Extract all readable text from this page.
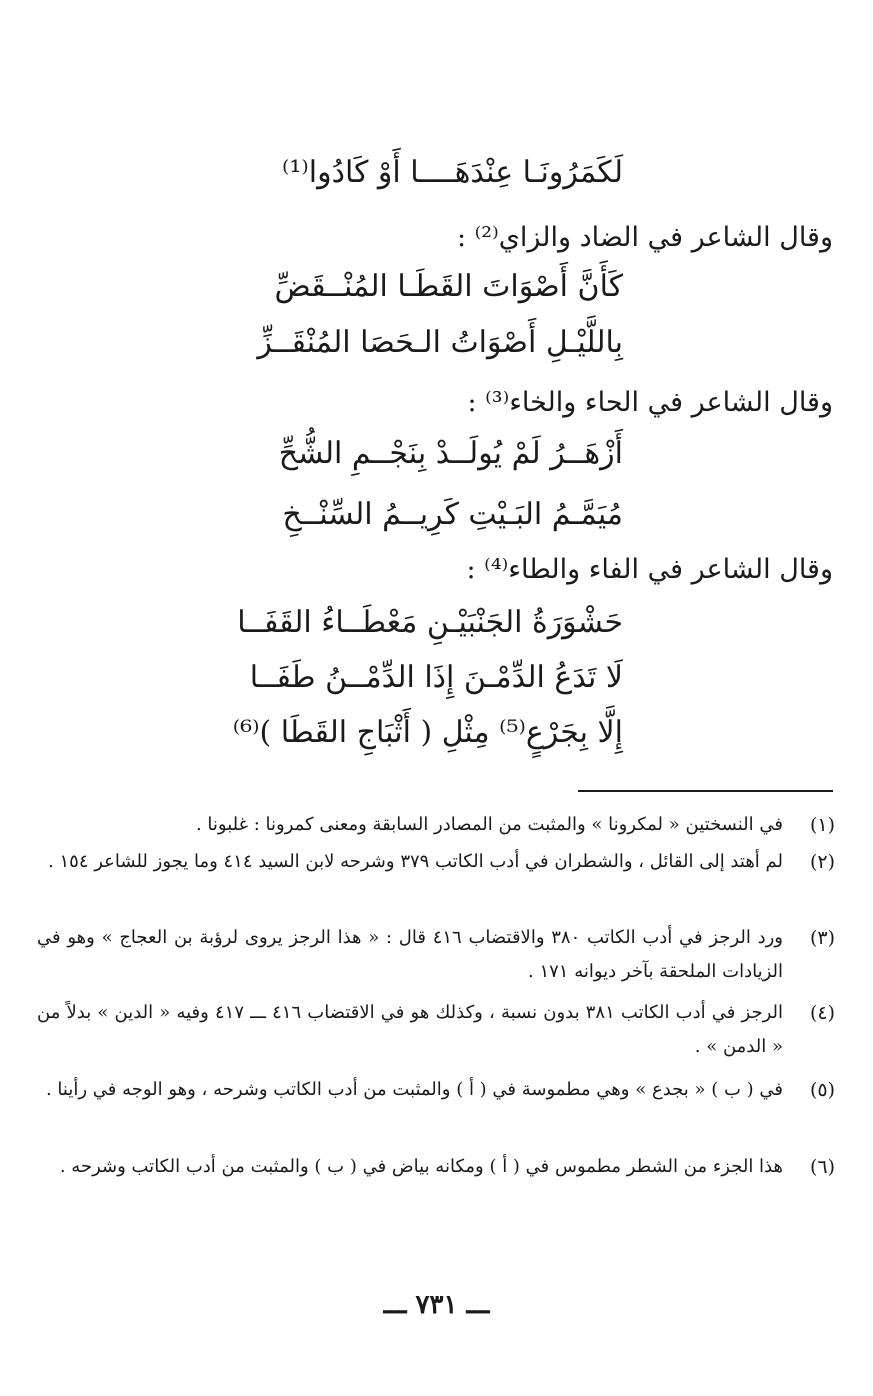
لَكَمَرُونَـا عِنْدَهَــــا أَوْ كَادُوا⁽¹⁾
وقال الشاعر في الضاد والزاي⁽²⁾ :
كَأَنَّ أَصْوَاتَ القَطَـا المُنْــقَضِّ
بِاللَّيْـلِ أَصْوَاتُ الـحَصَا المُنْقَــزِّ
وقال الشاعر في الحاء والخاء⁽³⁾ :
أَزْهَــرُ لَمْ يُولَــدْ بِنَجْــمِ الشُّحِّ
مُيَمَّـمُ البَـيْتِ كَرِيــمُ السِّنْــخِ
وقال الشاعر في الفاء والطاء⁽⁴⁾ :
حَشْوَرَةُ الجَنْبَيْـنِ مَعْطَــاءُ القَفَــا
لَا تَدَعُ الدِّمْـنَ إِذَا الدِّمْــنُ طَفَــا
إِلَّا بِجَرْعٍ⁽⁵⁾ مِثْلِ ( أَثْبَاجِ القَطَا )⁽⁶⁾
(١)
في النسختين « لمكرونا » والمثبت من المصادر السابقة ومعنى كمرونا : غلبونا .
(٢)
لم أهتد إلى القائل ، والشطران في أدب الكاتب ٣٧٩ وشرحه لابن السيد ٤١٤ وما يجوز للشاعر ١٥٤ .
(٣)
ورد الرجز في أدب الكاتب ٣٨٠ والاقتضاب ٤١٦ قال : « هذا الرجز يروى لرؤبة بن العجاج » وهو في الزيادات الملحقة بآخر ديوانه ١٧١ .
(٤)
الرجز في أدب الكاتب ٣٨١ بدون نسبة ، وكذلك هو في الاقتضاب ٤١٦ ـــ ٤١٧ وفيه « الدين » بدلاً من « الدمن » .
(٥)
في ( ب ) « بجدع » وهي مطموسة في ( أ ) والمثبت من أدب الكاتب وشرحه ، وهو الوجه في رأينا .
(٦)
هذا الجزء من الشطر مطموس في ( أ ) ومكانه بياض في ( ب ) والمثبت من أدب الكاتب وشرحه .
ـــ ٧٣١ ـــ
